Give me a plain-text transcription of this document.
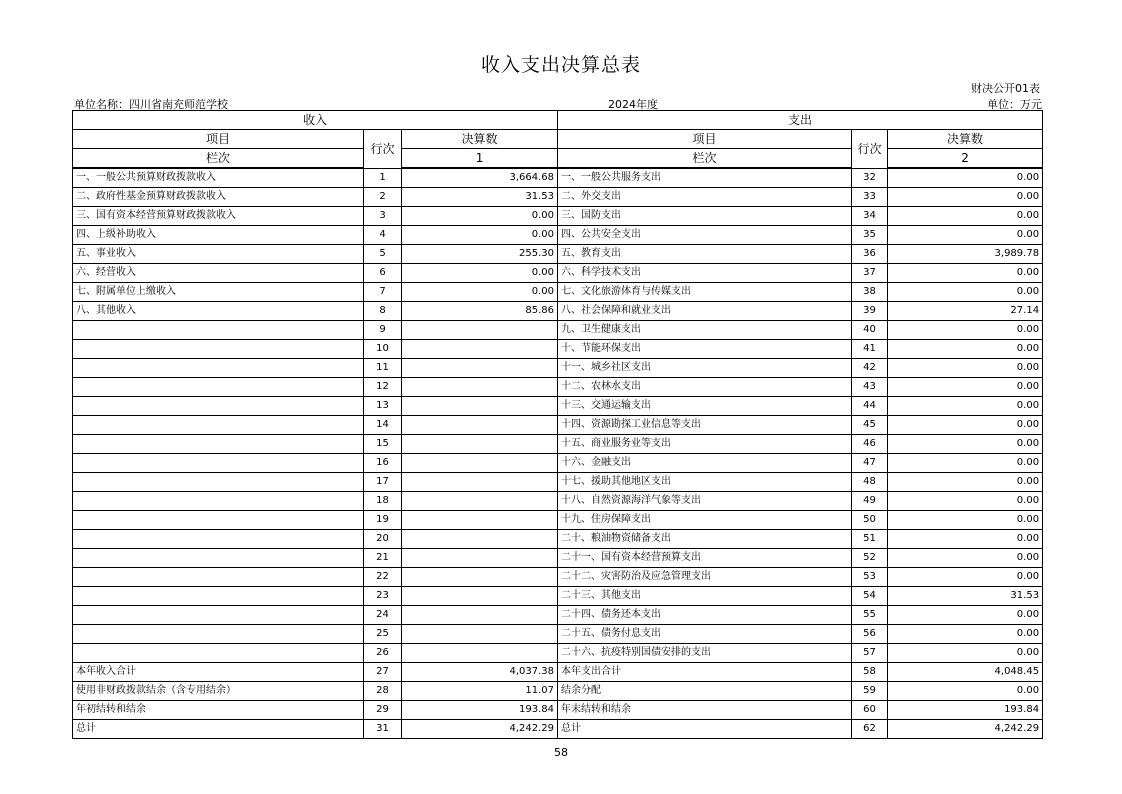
收入支出决算总表
财决公开01表
单位名称：四川省南充师范学校	2024年度	单位：万元
收入			支出		
项目	行次	决算数	项目	行次	决算数
栏次		1	栏次		2
一、一般公共预算财政拨款收入	1	3,664.68	一、一般公共服务支出	32	0.00
二、政府性基金预算财政拨款收入	2	31.53	二、外交支出	33	0.00
三、国有资本经营预算财政拨款收入	3	0.00	三、国防支出	34	0.00
四、上级补助收入	4	0.00	四、公共安全支出	35	0.00
五、事业收入	5	255.30	五、教育支出	36	3,989.78
六、经营收入	6	0.00	六、科学技术支出	37	0.00
七、附属单位上缴收入	7	0.00	七、文化旅游体育与传媒支出	38	0.00
八、其他收入	8	85.86	八、社会保障和就业支出	39	27.14
	9		九、卫生健康支出	40	0.00
	10		十、节能环保支出	41	0.00
	11		十一、城乡社区支出	42	0.00
	12		十二、农林水支出	43	0.00
	13		十三、交通运输支出	44	0.00
	14		十四、资源勘探工业信息等支出	45	0.00
	15		十五、商业服务业等支出	46	0.00
	16		十六、金融支出	47	0.00
	17		十七、援助其他地区支出	48	0.00
	18		十八、自然资源海洋气象等支出	49	0.00
	19		十九、住房保障支出	50	0.00
	20		二十、粮油物资储备支出	51	0.00
	21		二十一、国有资本经营预算支出	52	0.00
	22		二十二、灾害防治及应急管理支出	53	0.00
	23		二十三、其他支出	54	31.53
	24		二十四、债务还本支出	55	0.00
	25		二十五、债务付息支出	56	0.00
	26		二十六、抗疫特别国债安排的支出	57	0.00
本年收入合计	27	4,037.38	本年支出合计	58	4,048.45
使用非财政拨款结余（含专用结余）	28	11.07	结余分配	59	0.00
年初结转和结余	29	193.84	年末结转和结余	60	193.84
总计	31	4,242.29	总计	62	4,242.29
58
